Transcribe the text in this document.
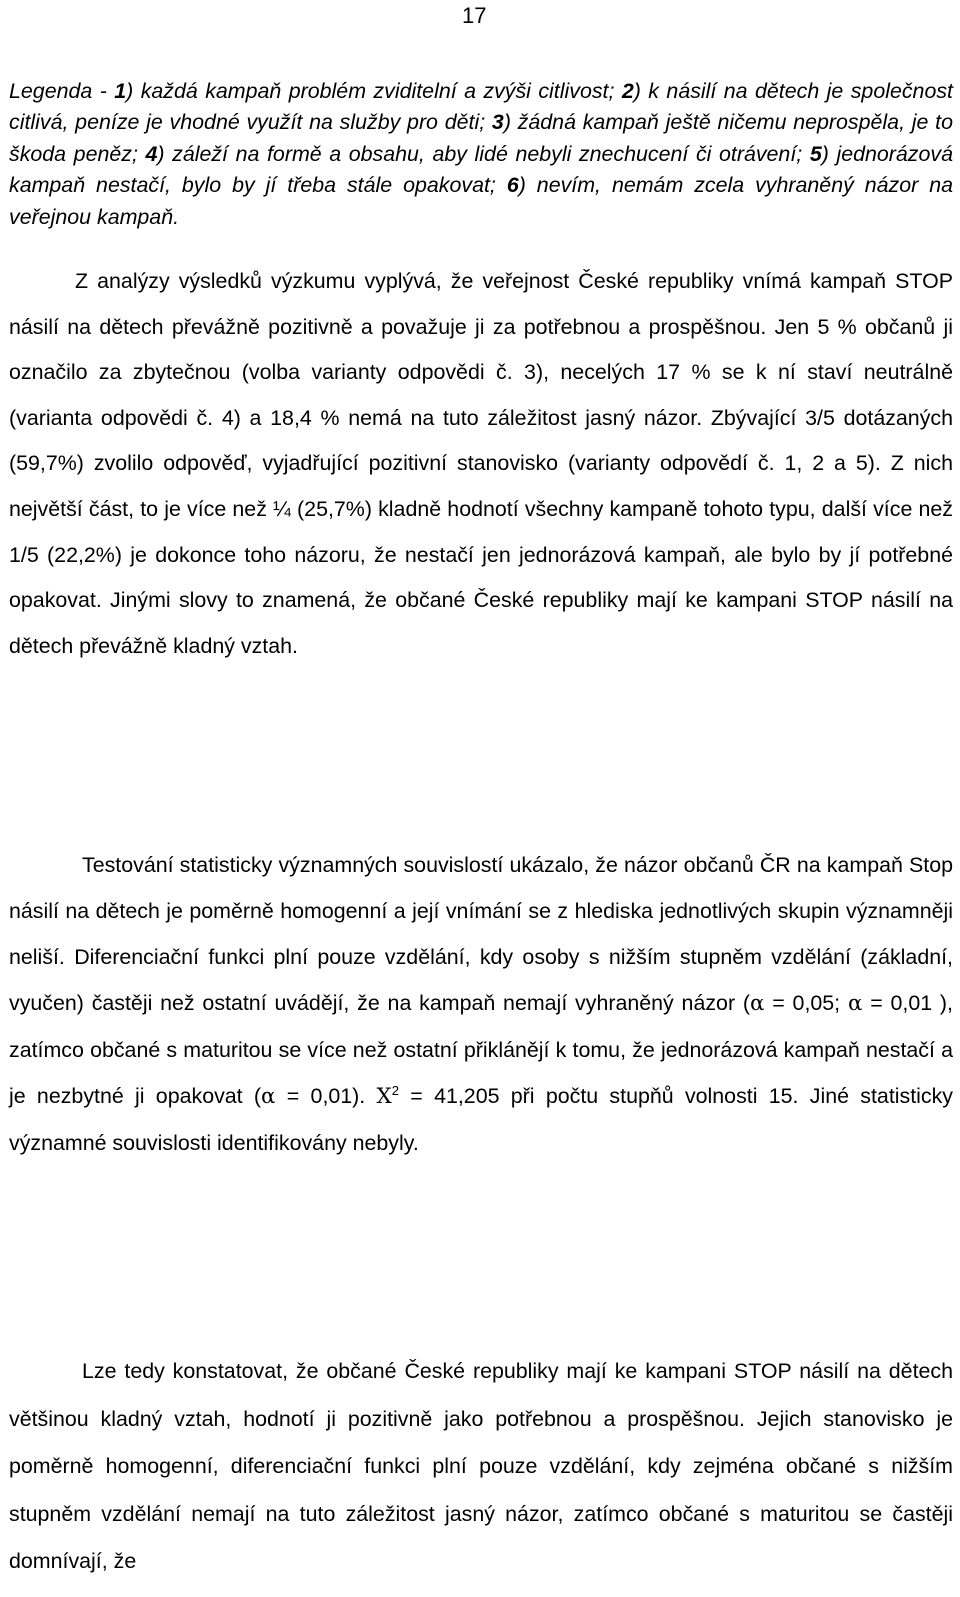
17
Legenda - 1) každá kampaň problém zviditelní a zvýši citlivost; 2) k násilí na dětech je společnost citlivá, peníze je vhodné využít na služby pro děti; 3) žádná kampaň ještě ničemu neprospěla, je to škoda peněz; 4) záleží na formě a obsahu, aby lidé nebyli znechucení či otrávení; 5) jednorázová kampaň nestačí, bylo by jí třeba stále opakovat; 6) nevím, nemám zcela vyhraněný názor na veřejnou kampaň.
Z analýzy výsledků výzkumu vyplývá, že veřejnost České republiky vnímá kampaň STOP násilí na dětech převážně pozitivně a považuje ji za potřebnou a prospěšnou. Jen 5 % občanů ji označilo za zbytečnou (volba varianty odpovědi č. 3), necelých 17 % se k ní staví neutrálně (varianta odpovědi č. 4) a 18,4 % nemá na tuto záležitost jasný názor. Zbývající 3/5 dotázaných (59,7%) zvolilo odpověď, vyjadřující pozitivní stanovisko (varianty odpovědí č. 1, 2 a 5). Z nich největší část, to je více než ¼ (25,7%) kladně hodnotí všechny kampaně tohoto typu, další více než 1/5 (22,2%) je dokonce toho názoru, že nestačí jen jednorázová kampaň, ale bylo by jí potřebné opakovat. Jinými slovy to znamená, že občané České republiky mají ke kampani STOP násilí na dětech převážně kladný vztah.
Testování statisticky významných souvislostí ukázalo, že názor občanů ČR na kampaň Stop násilí na dětech je poměrně homogenní a její vnímání se z hlediska jednotlivých skupin významněji neliší. Diferenciační funkci plní pouze vzdělání, kdy osoby s nižším stupněm vzdělání (základní, vyučen) častěji než ostatní uvádějí, že na kampaň nemají vyhraněný názor (α = 0,05; α = 0,01 ), zatímco občané s maturitou se více než ostatní přiklánějí k tomu, že jednorázová kampaň nestačí a je nezbytné ji opakovat (α = 0,01). $X^2 = 41,205$ při počtu stupňů volnosti 15. Jiné statisticky významné souvislosti identifikovány nebyly.
Lze tedy konstatovat, že občané České republiky mají ke kampani STOP násilí na dětech většinou kladný vztah, hodnotí ji pozitivně jako potřebnou a prospěšnou. Jejich stanovisko je poměrně homogenní, diferenciační funkci plní pouze vzdělání, kdy zejména občané s nižším stupněm vzdělání nemají na tuto záležitost jasný názor, zatímco občané s maturitou se častěji domnívají, že
